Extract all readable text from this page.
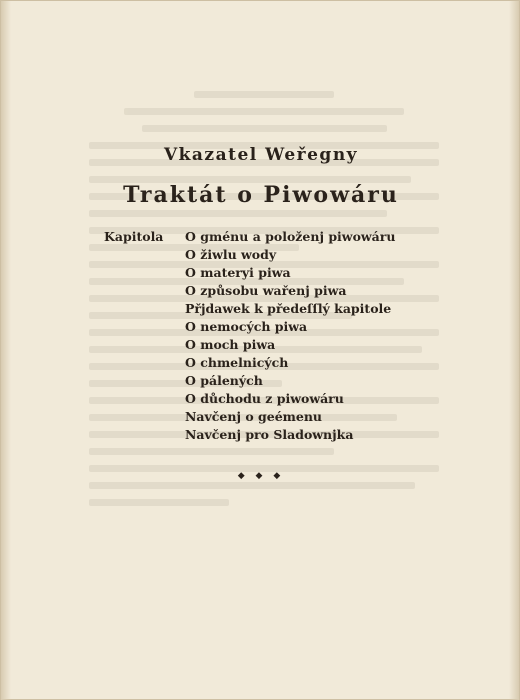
Vkazatel Weřegny
Traktát o Piwowáru
Kapitola O gménu a položenj piwowáru
O žiwlu wody
O materyi piwa
O způsobu wařenj piwa
Přjdawek k předeſſlý kapitole
O nemocých piwa
O moch piwa
O chmelnicých
O pálených
O důchodu z piwowáru
Navčenj o geémenu
Navčenj pro Sladownjka
◆ ◆ ◆
